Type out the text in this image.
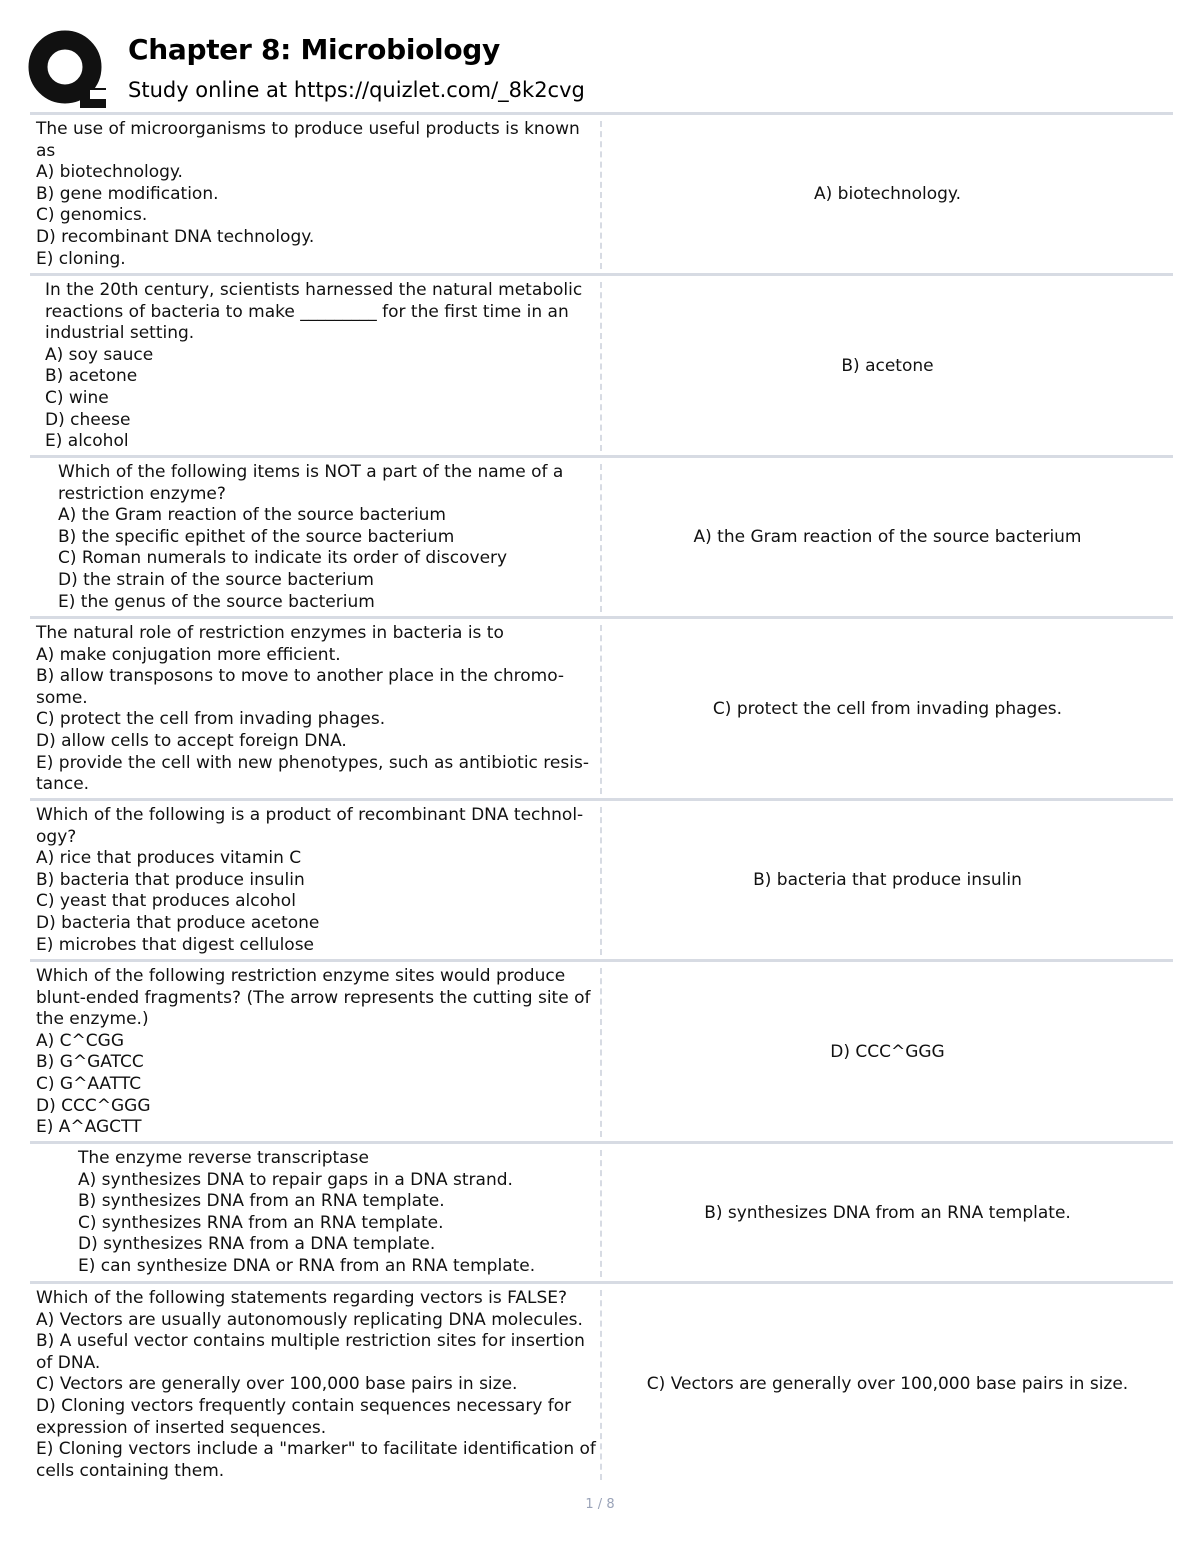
Chapter 8: Microbiology

Study online at https://quizlet.com/_8k2cvg

The use of microorganisms to produce useful products is known as
A) biotechnology.
B) gene modification.
C) genomics.
D) recombinant DNA technology.
E) cloning.
A) biotechnology.
In the 20th century, scientists harnessed the natural metabolic reactions of bacteria to make _________ for the first time in an industrial setting.
A) soy sauce
B) acetone
C) wine
D) cheese
E) alcohol
B) acetone
Which of the following items is NOT a part of the name of a restriction enzyme?
A) the Gram reaction of the source bacterium
B) the specific epithet of the source bacterium
C) Roman numerals to indicate its order of discovery
D) the strain of the source bacterium
E) the genus of the source bacterium
A) the Gram reaction of the source bacterium
The natural role of restriction enzymes in bacteria is to
A) make conjugation more efficient.
B) allow transposons to move to another place in the chromo- some.
C) protect the cell from invading phages.
D) allow cells to accept foreign DNA.
E) provide the cell with new phenotypes, such as antibiotic resis- tance.
C) protect the cell from invading phages.
Which of the following is a product of recombinant DNA technol- ogy?
A) rice that produces vitamin C
B) bacteria that produce insulin
C) yeast that produces alcohol
D) bacteria that produce acetone
E) microbes that digest cellulose
B) bacteria that produce insulin
Which of the following restriction enzyme sites would produce blunt-ended fragments? (The arrow represents the cutting site of the enzyme.)
A) C^CGG
B) G^GATCC
C) G^AATTC
D) CCC^GGG
E) A^AGCTT
D) CCC^GGG
The enzyme reverse transcriptase
A) synthesizes DNA to repair gaps in a DNA strand.
B) synthesizes DNA from an RNA template.
C) synthesizes RNA from an RNA template.
D) synthesizes RNA from a DNA template.
E) can synthesize DNA or RNA from an RNA template.
B) synthesizes DNA from an RNA template.
Which of the following statements regarding vectors is FALSE?
A) Vectors are usually autonomously replicating DNA molecules.
B) A useful vector contains multiple restriction sites for insertion of DNA.
C) Vectors are generally over 100,000 base pairs in size.
D) Cloning vectors frequently contain sequences necessary for expression of inserted sequences.
E) Cloning vectors include a "marker" to facilitate identification of cells containing them.
C) Vectors are generally over 100,000 base pairs in size.
1 / 8
